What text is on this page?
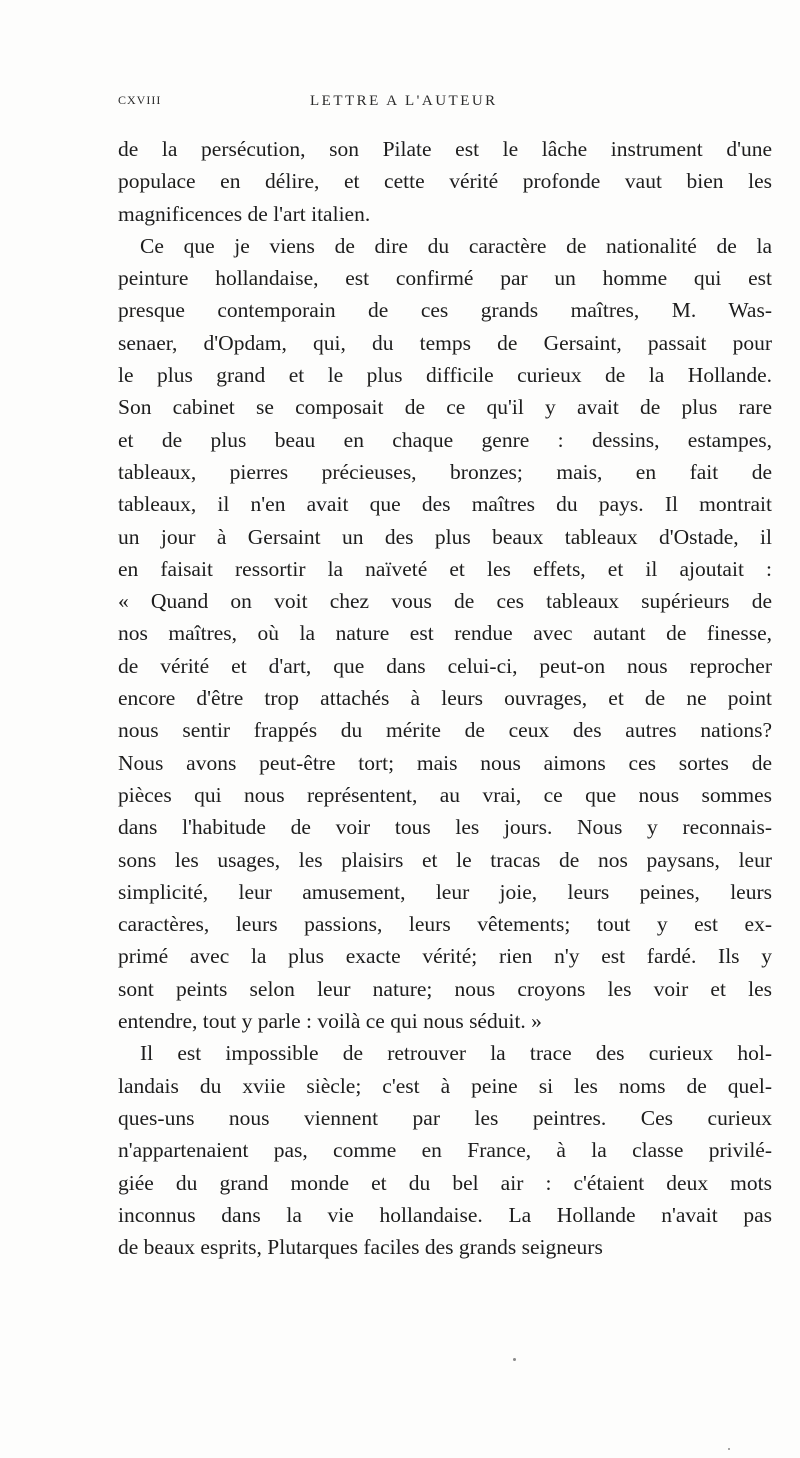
CXVIII	LETTRE A L'AUTEUR
de la persécution, son Pilate est le lâche instrument d'une
populace en délire, et cette vérité profonde vaut bien les
magnificences de l'art italien.
Ce que je viens de dire du caractère de nationalité de la
peinture hollandaise, est confirmé par un homme qui est
presque contemporain de ces grands maîtres, M. Was-
senaer, d'Opdam, qui, du temps de Gersaint, passait pour
le plus grand et le plus difficile curieux de la Hollande.
Son cabinet se composait de ce qu'il y avait de plus rare
et de plus beau en chaque genre : dessins, estampes,
tableaux, pierres précieuses, bronzes; mais, en fait de
tableaux, il n'en avait que des maîtres du pays. Il montrait
un jour à Gersaint un des plus beaux tableaux d'Ostade, il
en faisait ressortir la naïveté et les effets, et il ajoutait :
« Quand on voit chez vous de ces tableaux supérieurs de
nos maîtres, où la nature est rendue avec autant de finesse,
de vérité et d'art, que dans celui-ci, peut-on nous reprocher
encore d'être trop attachés à leurs ouvrages, et de ne point
nous sentir frappés du mérite de ceux des autres nations?
Nous avons peut-être tort; mais nous aimons ces sortes de
pièces qui nous représentent, au vrai, ce que nous sommes
dans l'habitude de voir tous les jours. Nous y reconnais-
sons les usages, les plaisirs et le tracas de nos paysans, leur
simplicité, leur amusement, leur joie, leurs peines, leurs
caractères, leurs passions, leurs vêtements; tout y est ex-
primé avec la plus exacte vérité; rien n'y est fardé. Ils y
sont peints selon leur nature; nous croyons les voir et les
entendre, tout y parle : voilà ce qui nous séduit. »
Il est impossible de retrouver la trace des curieux hol-
landais du xviie siècle; c'est à peine si les noms de quel-
ques-uns nous viennent par les peintres. Ces curieux
n'appartenaient pas, comme en France, à la classe privilé-
giée du grand monde et du bel air : c'étaient deux mots
inconnus dans la vie hollandaise. La Hollande n'avait pas
de beaux esprits, Plutarques faciles des grands seigneurs
